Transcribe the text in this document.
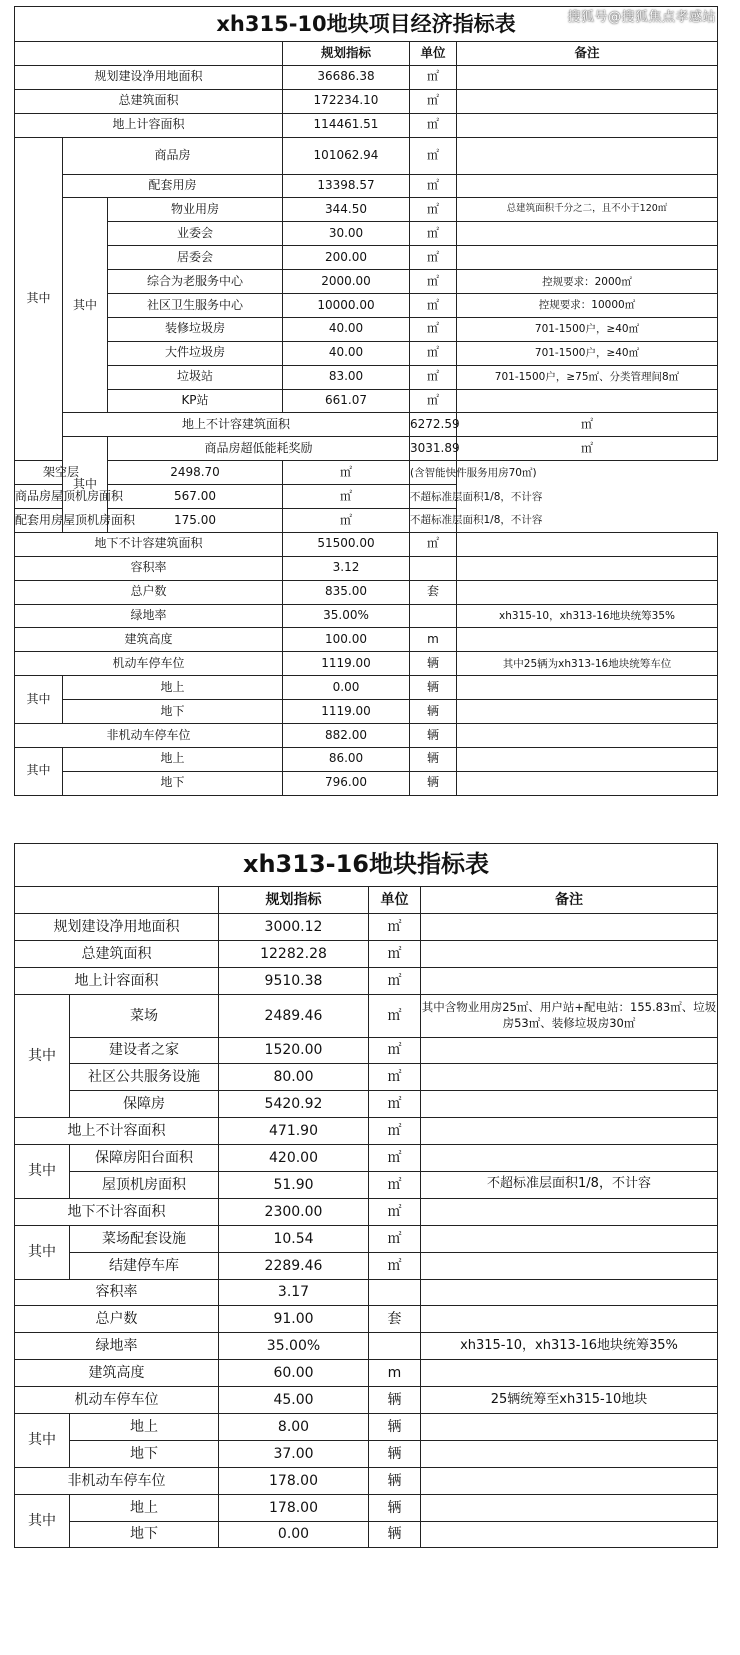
搜狐号@搜狐焦点孝感站
xh315-10地块项目经济指标表						
			规划指标	单位	备注	
规划建设净用地面积			36686.38	㎡		
总建筑面积			172234.10	㎡		
地上计容面积			114461.51	㎡		
其中	商品房		101062.94	㎡		
	配套用房		13398.57	㎡		
	其中	物业用房	344.50	㎡	总建筑面积千分之二，且不小于120㎡	
		业委会	30.00	㎡		
		居委会	200.00	㎡		
		综合为老服务中心	2000.00	㎡	控规要求：2000㎡	
		社区卫生服务中心	10000.00	㎡	控规要求：10000㎡	
		装修垃圾房	40.00	㎡	701-1500户，≥40㎡	
		大件垃圾房	40.00	㎡	701-1500户，≥40㎡	
		垃圾站	83.00	㎡	701-1500户，≥75㎡、分类管理间8㎡	
		KP站	661.07	㎡		
	地上不计容建筑面积			6272.59	㎡	
	其中	商品房超低能耗奖励		3031.89	㎡	
架空层		2498.70	㎡	(含智能快件服务用房70㎡)		
商品房屋顶机房面积		567.00	㎡	不超标准层面积1/8，不计容		
配套用房屋顶机房面积		175.00	㎡	不超标准层面积1/8，不计容		
地下不计容建筑面积			51500.00	㎡		
容积率			3.12			
总户数			835.00	套		
绿地率			35.00%		xh315-10，xh313-16地块统筹35%	
建筑高度			100.00	m		
机动车停车位			1119.00	辆	其中25辆为xh313-16地块统筹车位	
其中	地上		0.00	辆		
	地下		1119.00	辆		
非机动车停车位			882.00	辆		
其中	地上		86.00	辆		
	地下		796.00	辆		
xh313-16地块指标表				
		规划指标	单位	备注
规划建设净用地面积		3000.12	㎡	
总建筑面积		12282.28	㎡	
地上计容面积		9510.38	㎡	
其中	菜场	2489.46	㎡	其中含物业用房25㎡、用户站+配电站：155.83㎡、垃圾房53㎡、装修垃圾房30㎡
	建设者之家	1520.00	㎡	
	社区公共服务设施	80.00	㎡	
	保障房	5420.92	㎡	
地上不计容面积		471.90	㎡	
其中	保障房阳台面积	420.00	㎡	
	屋顶机房面积	51.90	㎡	不超标准层面积1/8，不计容
地下不计容面积		2300.00	㎡	
其中	菜场配套设施	10.54	㎡	
	结建停车库	2289.46	㎡	
容积率		3.17		
总户数		91.00	套	
绿地率		35.00%		xh315-10，xh313-16地块统筹35%
建筑高度		60.00	m	
机动车停车位		45.00	辆	25辆统筹至xh315-10地块
其中	地上	8.00	辆	
	地下	37.00	辆	
非机动车停车位		178.00	辆	
其中	地上	178.00	辆	
	地下	0.00	辆	
